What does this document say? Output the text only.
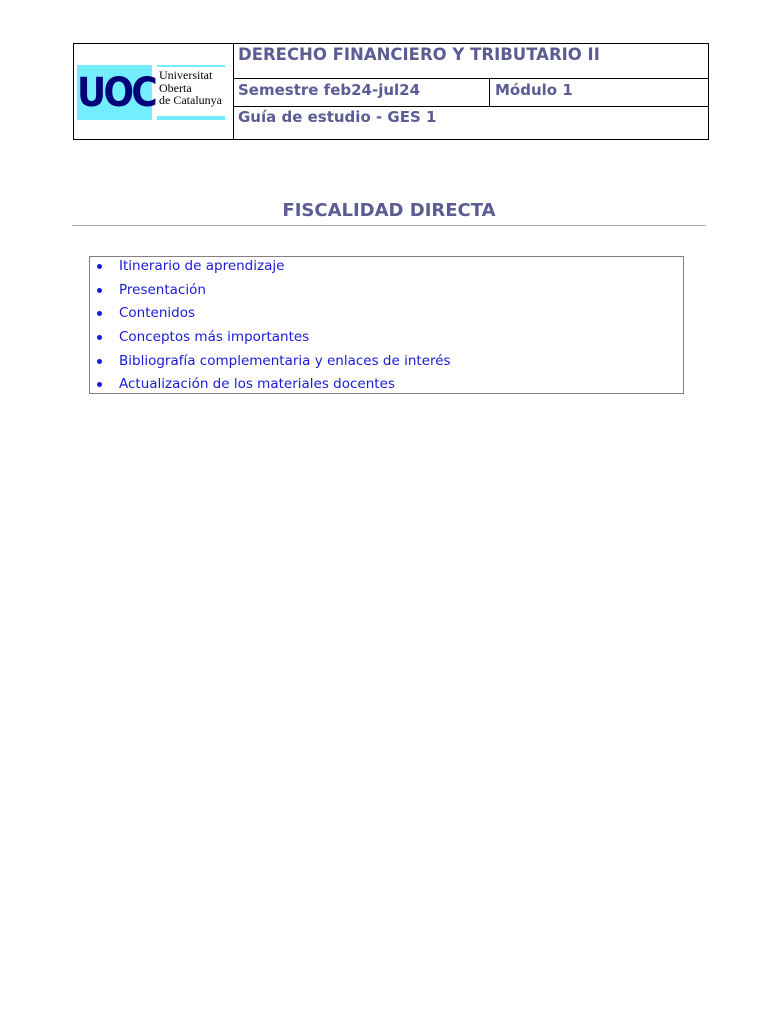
UOC Universitat
Oberta
de Catalunya
DERECHO FINANCIERO Y TRIBUTARIO II
Semestre feb24-jul24	Módulo 1
Guía de estudio - GES 1
FISCALIDAD DIRECTA
Itinerario de aprendizaje
Presentación
Contenidos
Conceptos más importantes
Bibliografía complementaria y enlaces de interés
Actualización de los materiales docentes
